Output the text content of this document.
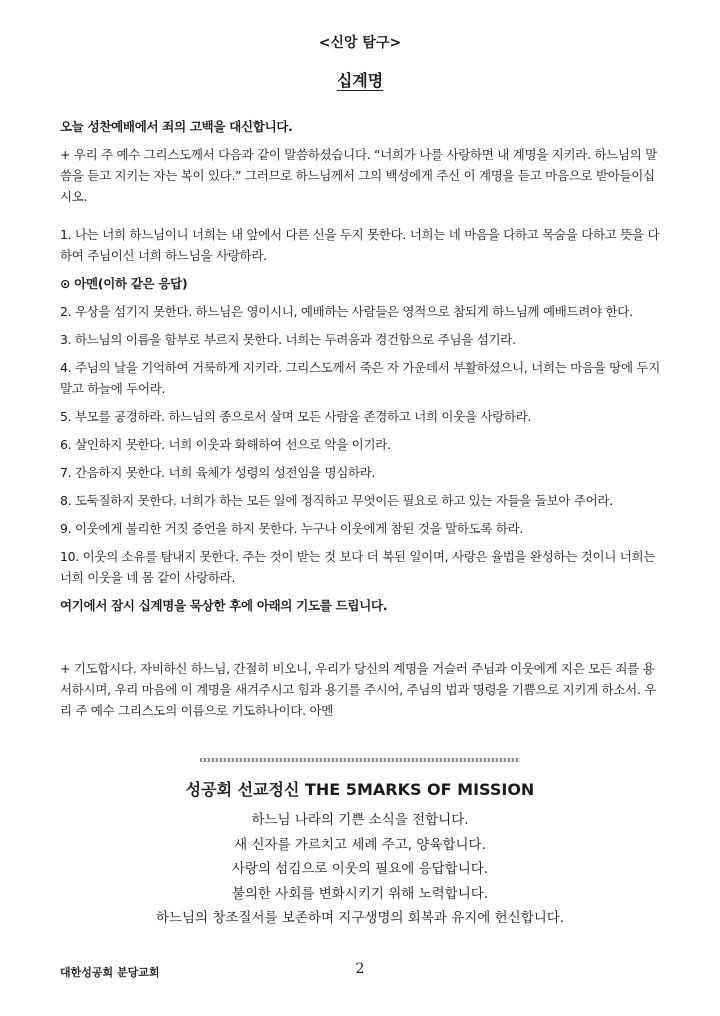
<신앙 탐구>
십계명

오늘 성찬예배에서 죄의 고백을 대신합니다.

+ 우리 주 예수 그리스도께서 다음과 같이 말씀하셨습니다. “너희가 나를 사랑하면 내 계명을 지키라. 하느님의 말씀을 듣고 지키는 자는 복이 있다.” 그러므로 하느님께서 그의 백성에게 주신 이 계명을 듣고 마음으로 받아들이십시오.

1. 나는 너희 하느님이니 너희는 내 앞에서 다른 신을 두지 못한다. 너희는 네 마음을 다하고 목숨을 다하고 뜻을 다하여 주님이신 너희 하느님을 사랑하라.

⊙ 아멘(이하 같은 응답)

2. 우상을 섬기지 못한다. 하느님은 영이시니, 예배하는 사람들은 영적으로 참되게 하느님께 예배드려야 한다.

3. 하느님의 이름을 함부로 부르지 못한다. 너희는 두려움과 경건함으로 주님을 섬기라.

4. 주님의 날을 기억하여 거룩하게 지키라. 그리스도께서 죽은 자 가운데서 부활하셨으니, 너희는 마음을 땅에 두지 말고 하늘에 두어라.

5. 부모를 공경하라. 하느님의 종으로서 살며 모든 사람을 존경하고 너희 이웃을 사랑하라.

6. 살인하지 못한다. 너희 이웃과 화해하여 선으로 악을 이기라.

7. 간음하지 못한다. 너희 육체가 성령의 성전임을 명심하라.

8. 도둑질하지 못한다. 너희가 하는 모든 일에 정직하고 무엇이든 필요로 하고 있는 자들을 돌보아 주어라.

9. 이웃에게 불리한 거짓 증언을 하지 못한다. 누구나 이웃에게 참된 것을 말하도록 하라.

10. 이웃의 소유를 탐내지 못한다. 주는 것이 받는 것 보다 더 복된 일이며, 사랑은 율법을 완성하는 것이니 너희는 너희 이웃을 네 몸 같이 사랑하라.

여기에서 잠시 십계명을 묵상한 후에 아래의 기도를 드립니다.

+ 기도합시다. 자비하신 하느님, 간절히 비오니, 우리가 당신의 계명을 거슬러 주님과 이웃에게 지은 모든 죄를 용서하시며, 우리 마음에 이 계명을 새겨주시고 힘과 용기를 주시어, 주님의 법과 명령을 기쁨으로 지키게 하소서. 우리 주 예수 그리스도의 이름으로 기도하나이다. 아멘

성공회 선교정신 THE 5MARKS OF MISSION
하느님 나라의 기쁜 소식을 전합니다.
새 신자를 가르치고 세례 주고, 양육합니다.
사랑의 섬김으로 이웃의 필요에 응답합니다.
불의한 사회를 변화시키기 위해 노력합니다.
하느님의 창조질서를 보존하며 지구생명의 회복과 유지에 헌신합니다.
대한성공회 분당교회	2
